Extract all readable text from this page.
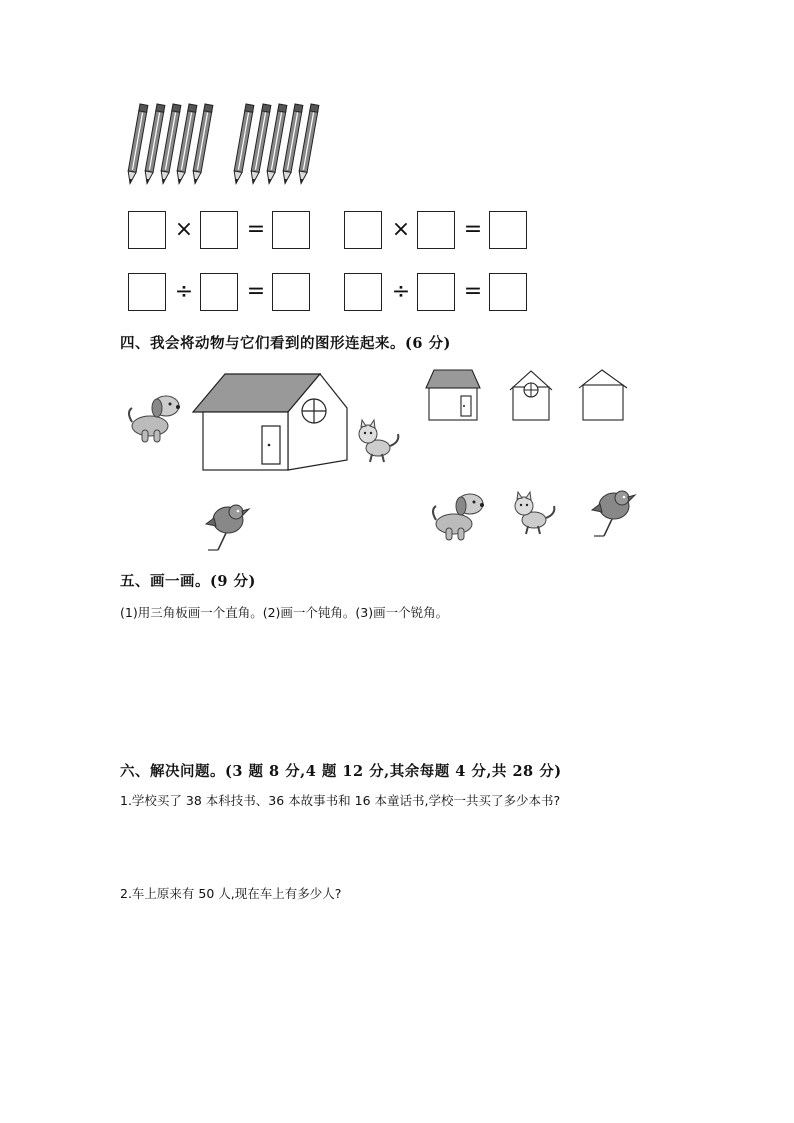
× =	× =
÷ =	÷ =
四、我会将动物与它们看到的图形连起来。(6 分)
五、画一画。(9 分)
(1)用三角板画一个直角。(2)画一个钝角。(3)画一个锐角。
六、解决问题。(3 题 8 分,4 题 12 分,其余每题 4 分,共 28 分)
1.学校买了 38 本科技书、36 本故事书和 16 本童话书,学校一共买了多少本书?
2.车上原来有 50 人,现在车上有多少人?
